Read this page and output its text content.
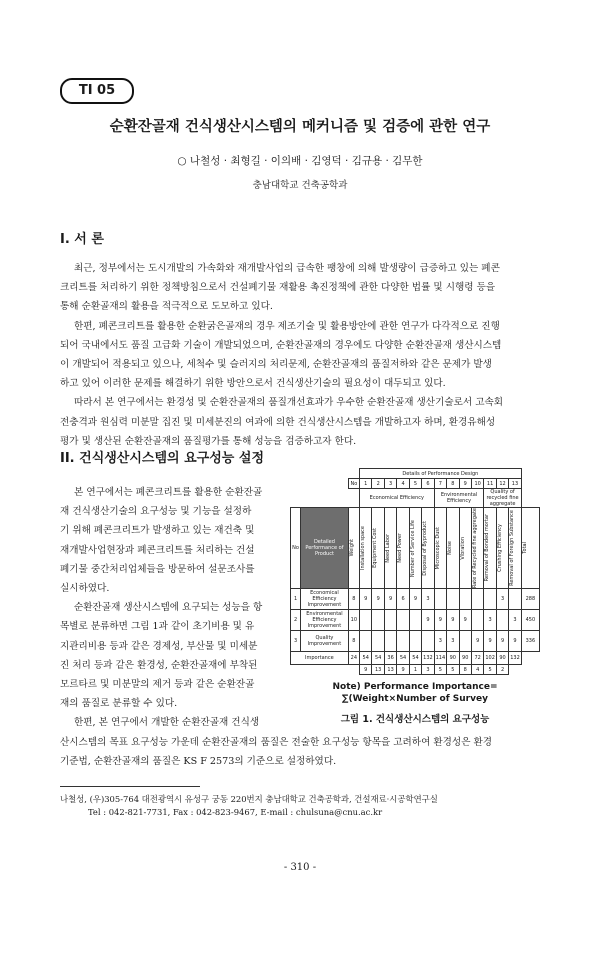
TI 05
순환잔골재 건식생산시스템의 메커니즘 및 검증에 관한 연구
○ 나철성 · 최형길 · 이의배 · 김영덕 · 김규용 · 김무한
충남대학교 건축공학과
I. 서 론

최근, 정부에서는 도시개발의 가속화와 재개발사업의 급속한 팽창에 의해 발생량이 급증하고 있는 폐콘

크리트를 처리하기 위한 정책방침으로서 건설폐기물 재활용 촉진정책에 관한 다양한 법률 및 시행령 등을

통해 순환골재의 활용을 적극적으로 도모하고 있다.

한편, 폐콘크리트를 활용한 순환굵은골재의 경우 제조기술 및 활용방안에 관한 연구가 다각적으로 진행

되어 국내에서도 품질 고급화 기술이 개발되었으며, 순환잔골재의 경우에도 다양한 순환잔골재 생산시스템

이 개발되어 적용되고 있으나, 세척수 및 슬러지의 처리문제, 순환잔골재의 품질저하와 같은 문제가 발생

하고 있어 이러한 문제를 해결하기 위한 방안으로서 건식생산기술의 필요성이 대두되고 있다.

따라서 본 연구에서는 환경성 및 순환잔골재의 품질개선효과가 우수한 순환잔골재 생산기술로서 고속회

전충격과 원심력 미분말 집진 및 미세분진의 여과에 의한 건식생산시스템을 개발하고자 하며, 환경유해성

평가 및 생산된 순환잔골재의 품질평가를 통해 성능을 검증하고자 한다.

II. 건식생산시스템의 요구성능 설정

본 연구에서는 폐콘크리트를 활용한 순환잔골

재 건식생산기술의 요구성능 및 기능을 설정하

기 위해 폐콘크리트가 발생하고 있는 재건축 및

재개발사업현장과 폐콘크리트를 처리하는 건설

폐기물 중간처리업체들을 방문하여 설문조사를

실시하였다.

순환잔골재 생산시스템에 요구되는 성능을 항

목별로 분류하면 그림 1과 같이 초기비용 및 유

지관리비용 등과 같은 경제성, 부산물 및 미세분

진 처리 등과 같은 환경성, 순환잔골재에 부착된

모르타르 및 미분말의 제거 등과 같은 순환잔골

재의 품질로 분류할 수 있다.

한편, 본 연구에서 개발한 순환잔골재 건식생

산시스템의 목표 요구성능 가운데 순환잔골재의 품질은 전술한 요구성능 항목을 고려하여 환경성은 환경

기준법, 순환잔골재의 품질은 KS F 2573의 기준으로 설정하였다.

			Details of Performance Design													
		No	1	2	3	4	5	6	7	8	9	10	11	12	13	
			Economical Efficiency						Environmental Efficiency				Quality of recycled fine aggregate			
No	Detailed Performance of Product	Weight	Installation space	Equipment Cost	Need Labor	Need Power	Number of Service Life	Disposal of Byproduct	Microscopic Dust	Noise	Vibration	Rate of Recycled fine aggregate	Removal of Bonded mortar	Crushing Efficiency	Removal of Foreign Substance	Total

1	Economical Efficiency Improvement	8	9	9	9	6	9	3						3		288
2	Environmental Efficiency Improvement	10						9	9	9	9		3		3	450
3	Quality Improvement	8							3	3		9	9	9	9	336
Importance		24	54	54	36	54	54	132	114	90	90	72	102	90	132	
			9	13	13	9	1	3	5	5	8	4	5	2		
Note) Performance Importance=
∑(Weight×Number of Survey
그림 1. 건식생산시스템의 요구성능
나철성, (우)305-764 대전광역시 유성구 궁동 220번지 충남대학교 건축공학과, 건설재료·시공학연구실
Tel : 042-821-7731, Fax : 042-823-9467, E-mail : chulsuna@cnu.ac.kr
- 310 -
